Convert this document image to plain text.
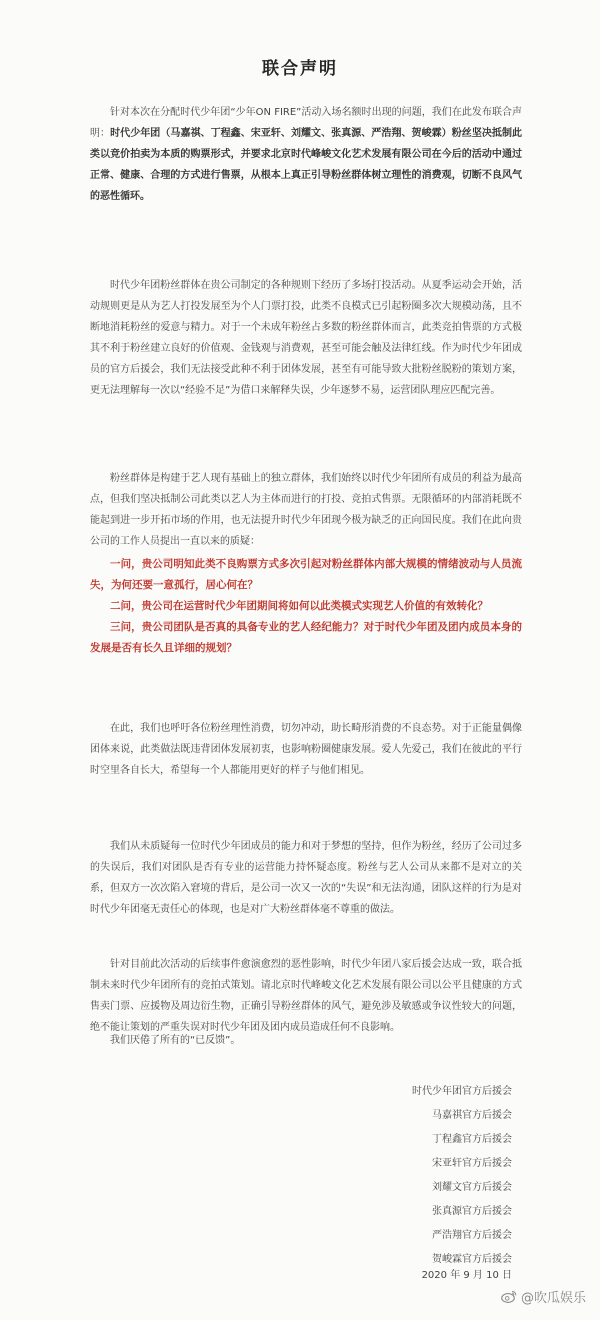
联合声明

针对本次在分配时代少年团“少年ON FIRE”活动入场名额时出现的问题，我们在此发布联合声明：时代少年团（马嘉祺、丁程鑫、宋亚轩、刘耀文、张真源、严浩翔、贺峻霖）粉丝坚决抵制此类以竞价拍卖为本质的购票形式，并要求北京时代峰峻文化艺术发展有限公司在今后的活动中通过正常、健康、合理的方式进行售票，从根本上真正引导粉丝群体树立理性的消费观，切断不良风气的恶性循环。

时代少年团粉丝群体在贵公司制定的各种规则下经历了多场打投活动。从夏季运动会开始，活动规则更是从为艺人打投发展至为个人门票打投，此类不良模式已引起粉圈多次大规模动荡，且不断地消耗粉丝的爱意与精力。对于一个未成年粉丝占多数的粉丝群体而言，此类竞拍售票的方式极其不利于粉丝建立良好的价值观、金钱观与消费观，甚至可能会触及法律红线。作为时代少年团成员的官方后援会，我们无法接受此种不利于团体发展，甚至有可能导致大批粉丝脱粉的策划方案，更无法理解每一次以“经验不足”为借口来解释失误，少年逐梦不易，运营团队理应匹配完善。

粉丝群体是构建于艺人现有基础上的独立群体，我们始终以时代少年团所有成员的利益为最高点，但我们坚决抵制公司此类以艺人为主体而进行的打投、竞拍式售票。无限循环的内部消耗既不能起到进一步开拓市场的作用，也无法提升时代少年团现今极为缺乏的正向国民度。我们在此向贵公司的工作人员提出一直以来的质疑：

一问，贵公司明知此类不良购票方式多次引起对粉丝群体内部大规模的情绪波动与人员流失，为何还要一意孤行，居心何在？

二问，贵公司在运营时代少年团期间将如何以此类模式实现艺人价值的有效转化？

三问，贵公司团队是否真的具备专业的艺人经纪能力？对于时代少年团及团内成员本身的发展是否有长久且详细的规划？

在此，我们也呼吁各位粉丝理性消费，切勿冲动，助长畸形消费的不良态势。对于正能量偶像团体来说，此类做法既违背团体发展初衷，也影响粉圈健康发展。爱人先爱己，我们在彼此的平行时空里各自长大，希望每一个人都能用更好的样子与他们相见。

我们从未质疑每一位时代少年团成员的能力和对于梦想的坚持，但作为粉丝，经历了公司过多的失误后，我们对团队是否有专业的运营能力持怀疑态度。粉丝与艺人公司从来都不是对立的关系，但双方一次次陷入窘境的背后，是公司一次又一次的“失误”和无法沟通，团队这样的行为是对时代少年团毫无责任心的体现，也是对广大粉丝群体毫不尊重的做法。

针对目前此次活动的后续事件愈演愈烈的恶性影响，时代少年团八家后援会达成一致，联合抵制未来时代少年团所有的竞拍式策划。请北京时代峰峻文化艺术发展有限公司以公平且健康的方式售卖门票、应援物及周边衍生物，正确引导粉丝群体的风气，避免涉及敏感或争议性较大的问题，绝不能让策划的严重失误对时代少年团及团内成员造成任何不良影响。

我们厌倦了所有的“已反馈”。

时代少年团官方后援会
马嘉祺官方后援会
丁程鑫官方后援会
宋亚轩官方后援会
刘耀文官方后援会
张真源官方后援会
严浩翔官方后援会
贺峻霖官方后援会
@吹瓜娱乐
2020 年 9 月 10 日
